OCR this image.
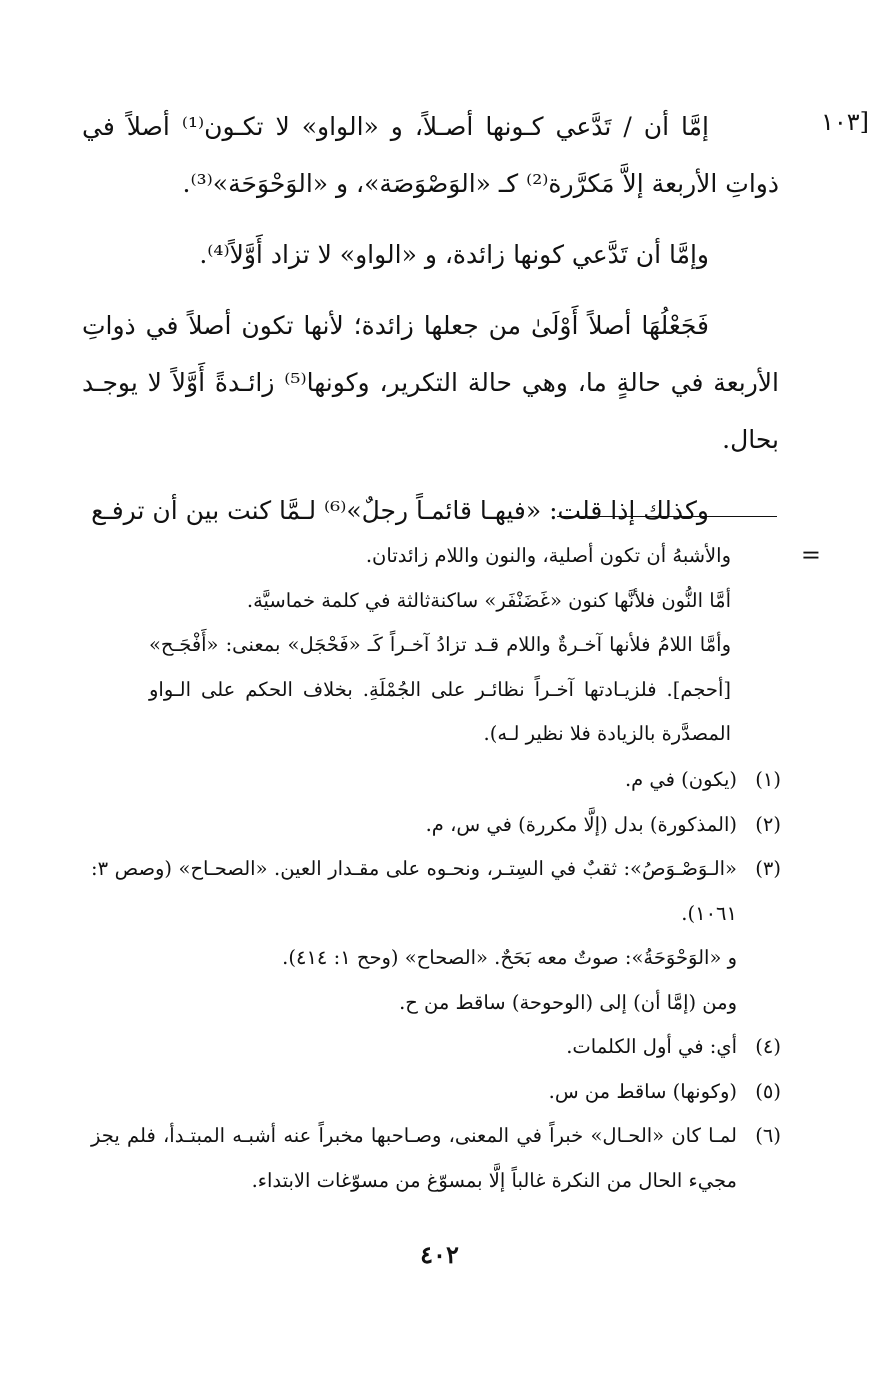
[١٠٣

إمَّا أن / تَدَّعي كـونها أصـلاً، و «الواو» لا تكـون⁽¹⁾ أصلاً في ذواتِ الأربعة إلاَّ مَكرَّرة⁽²⁾ كـ «الوَصْوَصَة»، و «الوَحْوَحَة»⁽³⁾.

وإمَّا أن تَدَّعي كونها زائدة، و «الواو» لا تزاد أَوَّلاً⁽⁴⁾.

فَجَعْلُهَا أصلاً أَوْلَىٰ من جعلها زائدة؛ لأنها تكون أصلاً في ذواتِ الأربعة في حالةٍ ما، وهي حالة التكرير، وكونها⁽⁵⁾ زائـدةً أَوَّلاً لا يوجـد بحال.

وكذلك إذا قلت: «فيهـا قائمـاً رجلٌ»⁽⁶⁾ لـمَّا كنت بين أن ترفـع

=

والأشبهُ أن تكون أصلية، والنون واللام زائدتان.

أمَّا النُّون فلأنَّها كنون «غَضَنْفَر» ساكنةثالثة في كلمة خماسيَّة.

وأمَّا اللامُ فلأنها آخـرةٌ واللام قـد تزادُ آخـراً كَـ «فَحْجَل» بمعنى: «أَفْجَـح» [أحجم]. فلزيـادتها آخـراً نظائـر على الجُمْلَةِ. بخلاف الحكم على الـواو المصدَّرة بالزيادة فلا نظير لـه).

(١)

(يكون) في م.

(٢)

(المذكورة) بدل (إلَّا مكررة) في س، م.

(٣)

«الـوَصْـوَصُ»: ثقبٌ في السِتـر، ونحـوه على مقـدار العين. «الصحـاح» (وصص ٣: ١٠٦١).

و «الوَحْوَحَةُ»: صوتٌ معه بَحَحٌ. «الصحاح» (وحح ١: ٤١٤).

ومن (إمَّا أن) إلى (الوحوحة) ساقط من ح.

(٤)

أي: في أول الكلمات.

(٥)

(وكونها) ساقط من س.

(٦)

لمـا كان «الحـال» خبراً في المعنى، وصـاحبها مخبراً عنه أشبـه المبتـدأ، فلم يجز مجيء الحال من النكرة غالباً إلَّا بمسوّغ من مسوّغات الابتداء.

٤٠٢
